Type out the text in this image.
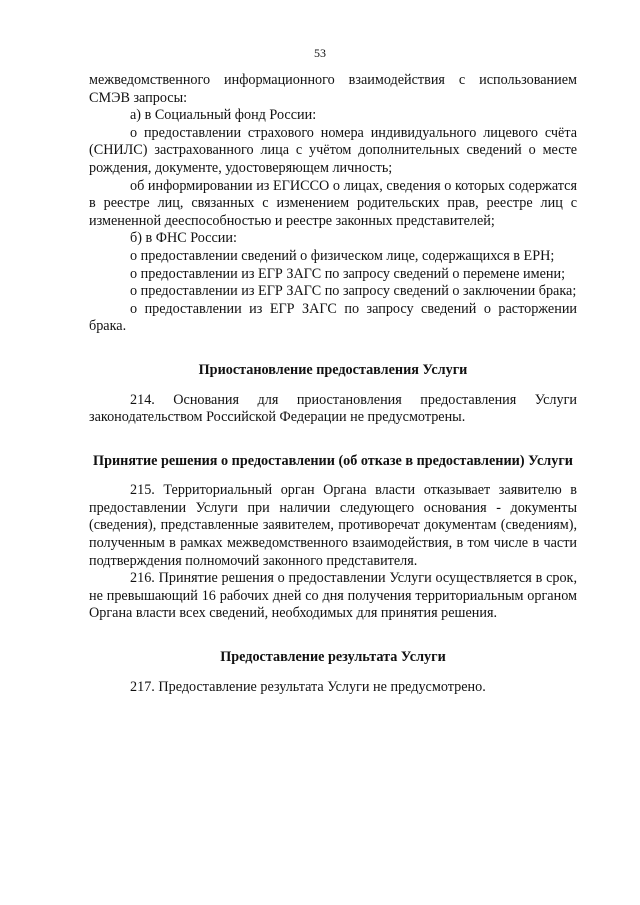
53

межведомственного информационного взаимодействия с использованием СМЭВ запросы:

а) в Социальный фонд России:

о предоставлении страхового номера индивидуального лицевого счёта (СНИЛС) застрахованного лица с учётом дополнительных сведений о месте рождения, документе, удостоверяющем личность;

об информировании из ЕГИССО о лицах, сведения о которых содержатся в реестре лиц, связанных с изменением родительских прав, реестре лиц с измененной дееспособностью и реестре законных представителей;

б) в ФНС России:

о предоставлении сведений о физическом лице, содержащихся в ЕРН;

о предоставлении из ЕГР ЗАГС по запросу сведений о перемене имени;

о предоставлении из ЕГР ЗАГС по запросу сведений о заключении брака;

о предоставлении из ЕГР ЗАГС по запросу сведений о расторжении брака.

Приостановление предоставления Услуги

214. Основания для приостановления предоставления Услуги законодательством Российской Федерации не предусмотрены.

Принятие решения о предоставлении (об отказе в предоставлении) Услуги

215. Территориальный орган Органа власти отказывает заявителю в предоставлении Услуги при наличии следующего основания - документы (сведения), представленные заявителем, противоречат документам (сведениям), полученным в рамках межведомственного взаимодействия, в том числе в части подтверждения полномочий законного представителя.

216. Принятие решения о предоставлении Услуги осуществляется в срок, не превышающий 16 рабочих дней со дня получения территориальным органом Органа власти всех сведений, необходимых для принятия решения.

Предоставление результата Услуги

217. Предоставление результата Услуги не предусмотрено.
